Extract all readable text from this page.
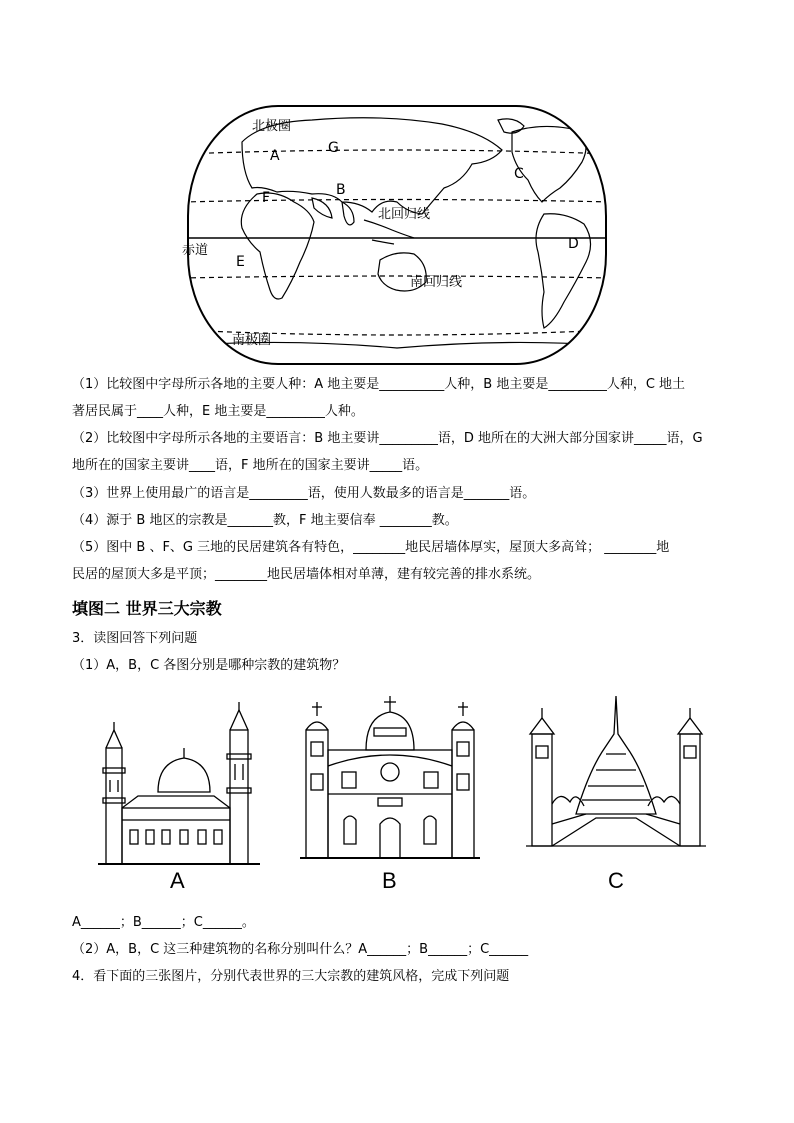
A
B
C
D
E
F
G
北极圈
北回归线
赤道
南回归线
南极圈
（1）比较图中字母所示各地的主要人种：A 地主要是__________人种，B 地主要是_________人种，C 地土
著居民属于____人种，E 地主要是_________人种。
（2）比较图中字母所示各地的主要语言：B 地主要讲_________语，D 地所在的大洲大部分国家讲_____语，G
地所在的国家主要讲____语，F 地所在的国家主要讲_____语。
（3）世界上使用最广的语言是_________语，使用人数最多的语言是_______语。
（4）源于 B 地区的宗教是_______教，F 地主要信奉 ________教。
（5）图中 B 、F、G 三地的民居建筑各有特色，________地民居墙体厚实，屋顶大多高耸； ________地
民居的屋顶大多是平顶；________地民居墙体相对单薄，建有较完善的排水系统。
填图二 世界三大宗教
3．读图回答下列问题
（1）A，B，C 各图分别是哪种宗教的建筑物？
A	B	C
A______；B______；C______。
（2）A，B，C 这三种建筑物的名称分别叫什么？A______；B______；C______
4．看下面的三张图片，分别代表世界的三大宗教的建筑风格，完成下列问题
